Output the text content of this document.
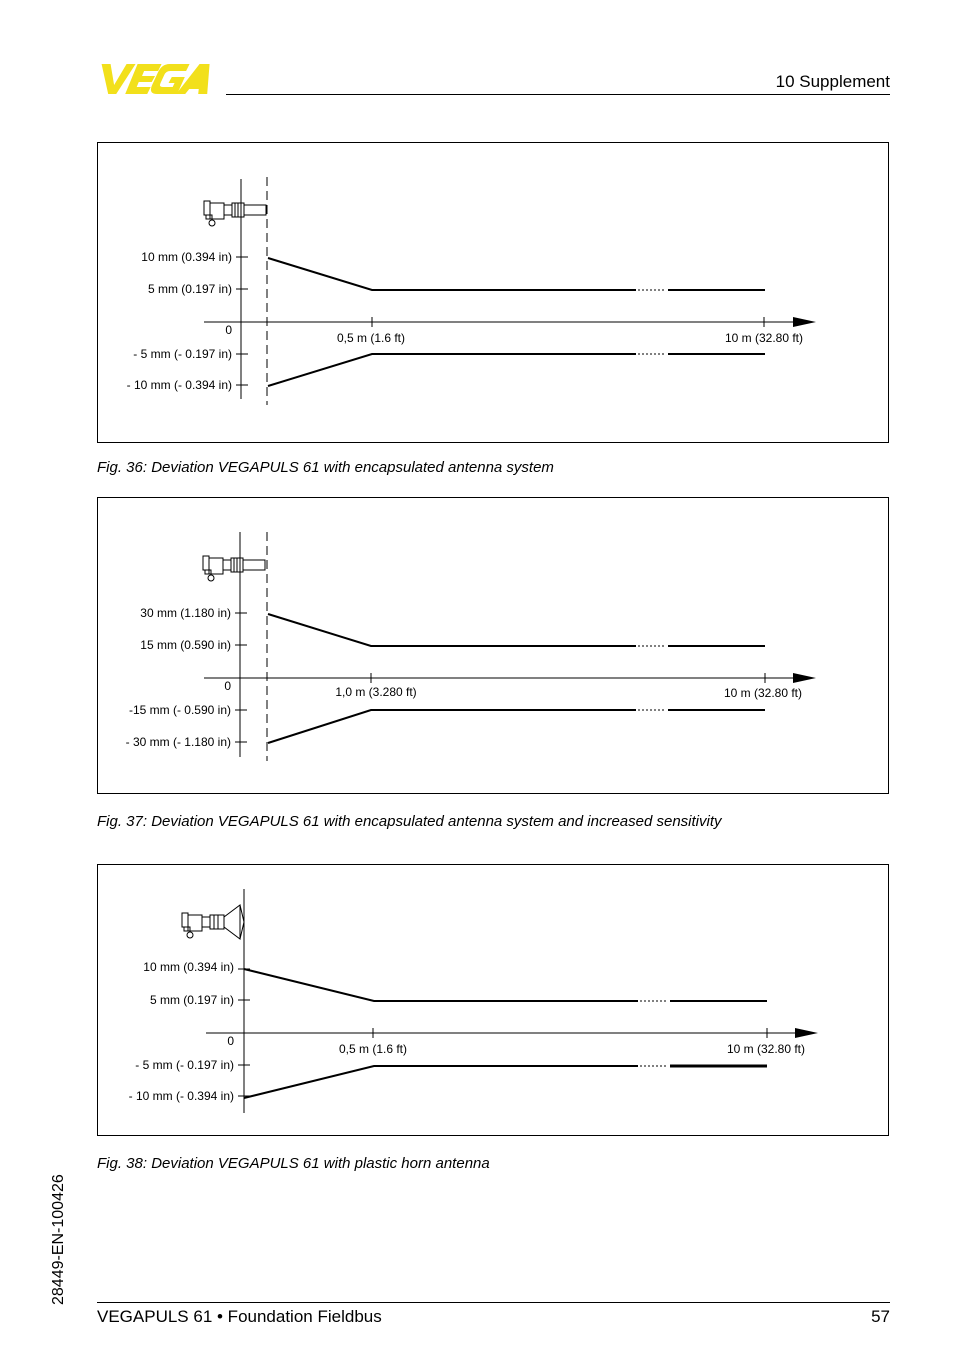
10 Supplement
10 mm (0.394 in)
5 mm (0.197 in)
0
- 5 mm (- 0.197 in)
- 10 mm (- 0.394 in)
0,5 m (1.6 ft)	10 m (32.80 ft)
Fig. 36: Deviation VEGAPULS 61 with encapsulated antenna system
30 mm (1.180 in)
15 mm (0.590 in)
0
-15 mm (- 0.590 in)
- 30 mm (- 1.180 in)
1,0 m (3.280 ft)	10 m (32.80 ft)
Fig. 37: Deviation VEGAPULS 61 with encapsulated antenna system and increased sensitivity
10 mm (0.394 in)
5 mm (0.197 in)
0
- 5 mm (- 0.197 in)
- 10 mm (- 0.394 in)
0,5 m (1.6 ft)	10 m (32.80 ft)
Fig. 38: Deviation VEGAPULS 61 with plastic horn antenna
28449-EN-100426
VEGAPULS 61 • Foundation Fieldbus	57
